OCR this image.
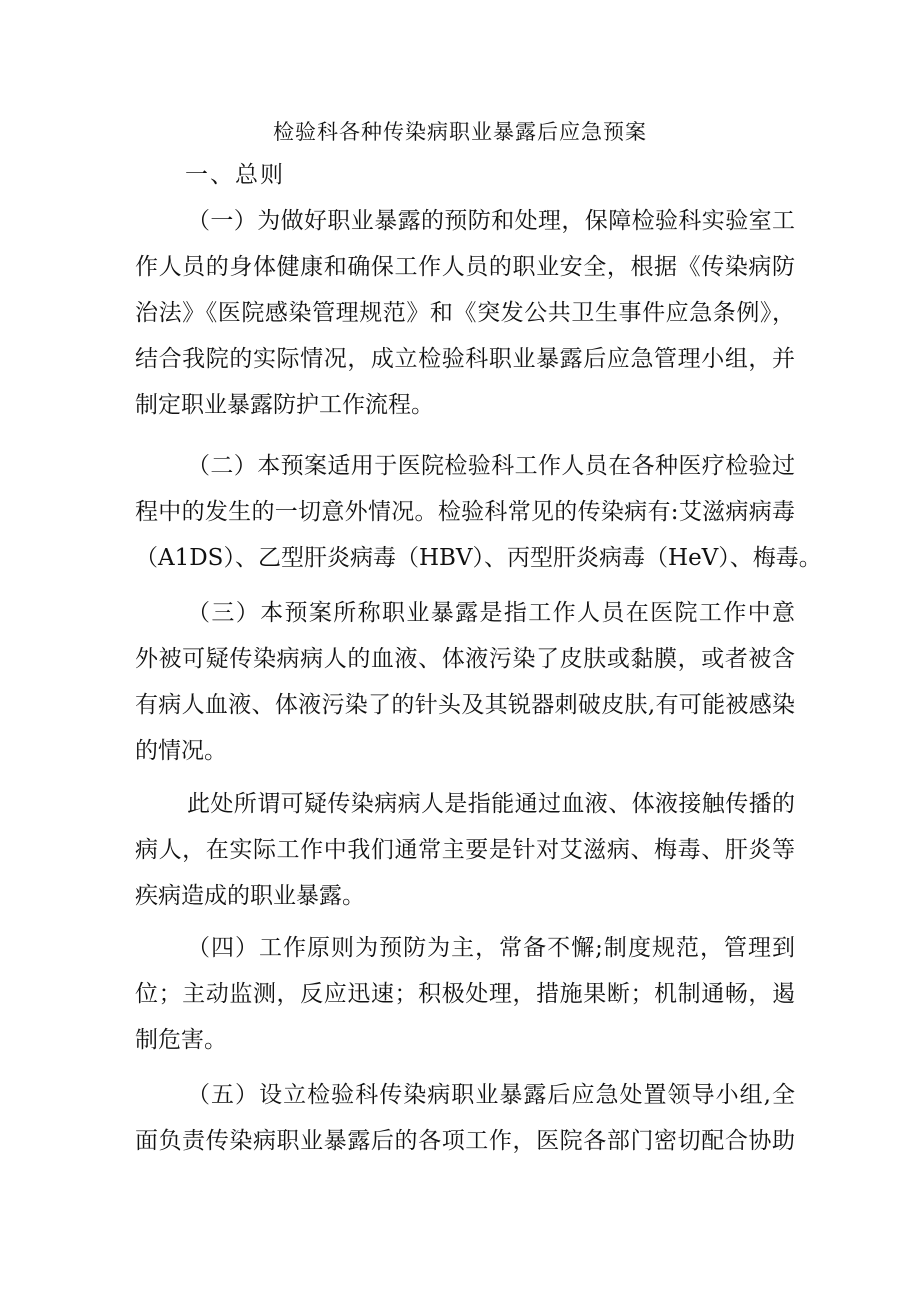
检验科各种传染病职业暴露后应急预案
一、总则
（一）为做好职业暴露的预防和处理，保障检验科实验室工
作人员的身体健康和确保工作人员的职业安全，根据《传染病防
治法》《医院感染管理规范》和《突发公共卫生事件应急条例》，
结合我院的实际情况，成立检验科职业暴露后应急管理小组，并
制定职业暴露防护工作流程。
（二）本预案适用于医院检验科工作人员在各种医疗检验过
程中的发生的一切意外情况。检验科常见的传染病有:艾滋病病毒
（A1DS）、乙型肝炎病毒（HBV）、丙型肝炎病毒（HeV）、梅毒。
（三）本预案所称职业暴露是指工作人员在医院工作中意
外被可疑传染病病人的血液、体液污染了皮肤或黏膜，或者被含
有病人血液、体液污染了的针头及其锐器刺破皮肤,有可能被感染
的情况。
此处所谓可疑传染病病人是指能通过血液、体液接触传播的
病人，在实际工作中我们通常主要是针对艾滋病、梅毒、肝炎等
疾病造成的职业暴露。
（四）工作原则为预防为主，常备不懈;制度规范，管理到
位；主动监测，反应迅速；积极处理，措施果断；机制通畅，遏
制危害。
（五）设立检验科传染病职业暴露后应急处置领导小组,全
面负责传染病职业暴露后的各项工作，医院各部门密切配合协助
